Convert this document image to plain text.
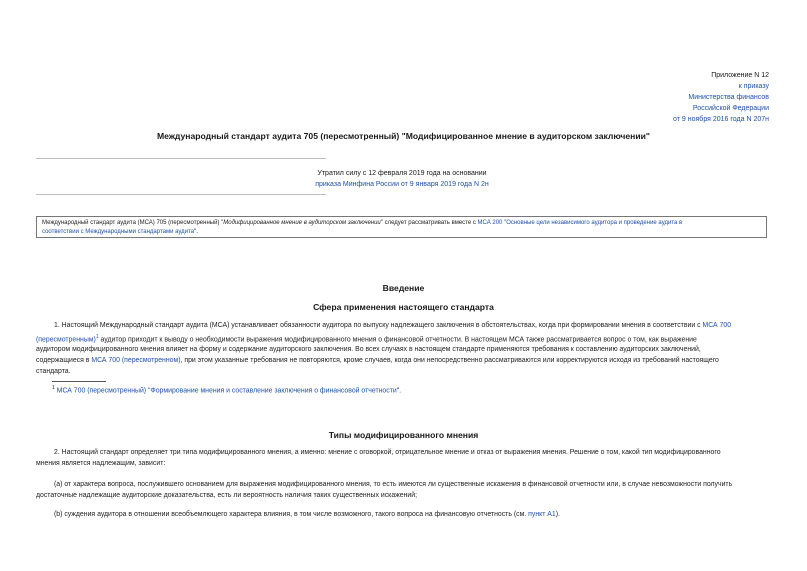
Приложение N 12
к приказу
Министерства финансов
Российской Федерации
от 9 ноября 2016 года N 207н
Международный стандарт аудита 705 (пересмотренный) "Модифицированное мнение в аудиторском заключении"
Утратил силу с 12 февраля 2019 года на основании
приказа Минфина России от 9 января 2019 года N 2н
Международный стандарт аудита (МСА) 705 (пересмотренный) "Модифицированное мнение в аудиторском заключении" следует рассматривать вместе с МСА 200 "Основные цели независимого аудитора и проведение аудита в
соответствии с Международными стандартами аудита".
Введение
Сфера применения настоящего стандарта
1. Настоящий Международный стандарт аудита (МСА) устанавливает обязанности аудитора по выпуску надлежащего заключения в обстоятельствах, когда при формировании мнения в соответствии с МСА 700
(пересмотренным)$^1$ аудитор приходит к выводу о необходимости выражения модифицированного мнения о финансовой отчетности. В настоящем МСА также рассматривается вопрос о том, как выражение
аудитором модифицированного мнения влияет на форму и содержание аудиторского заключения. Во всех случаях в настоящем стандарте применяются требования к составлению аудиторских заключений,
содержащиеся в МСА 700 (пересмотренном), при этом указанные требования не повторяются, кроме случаев, когда они непосредственно рассматриваются или корректируются исходя из требований настоящего
стандарта.
$^1$ МСА 700 (пересмотренный) "Формирование мнения и составление заключения о финансовой отчетности".
Типы модифицированного мнения
2. Настоящий стандарт определяет три типа модифицированного мнения, а именно: мнение с оговоркой, отрицательное мнение и отказ от выражения мнения. Решение о том, какой тип модифицированного
мнения является надлежащим, зависит:
(a) от характера вопроса, послужившего основанием для выражения модифицированного мнения, то есть имеются ли существенные искажения в финансовой отчетности или, в случае невозможности получить
достаточные надлежащие аудиторские доказательства, есть ли вероятность наличия таких существенных искажений;
(b) суждения аудитора в отношении всеобъемлющего характера влияния, в том числе возможного, такого вопроса на финансовую отчетность (см. пункт А1).
